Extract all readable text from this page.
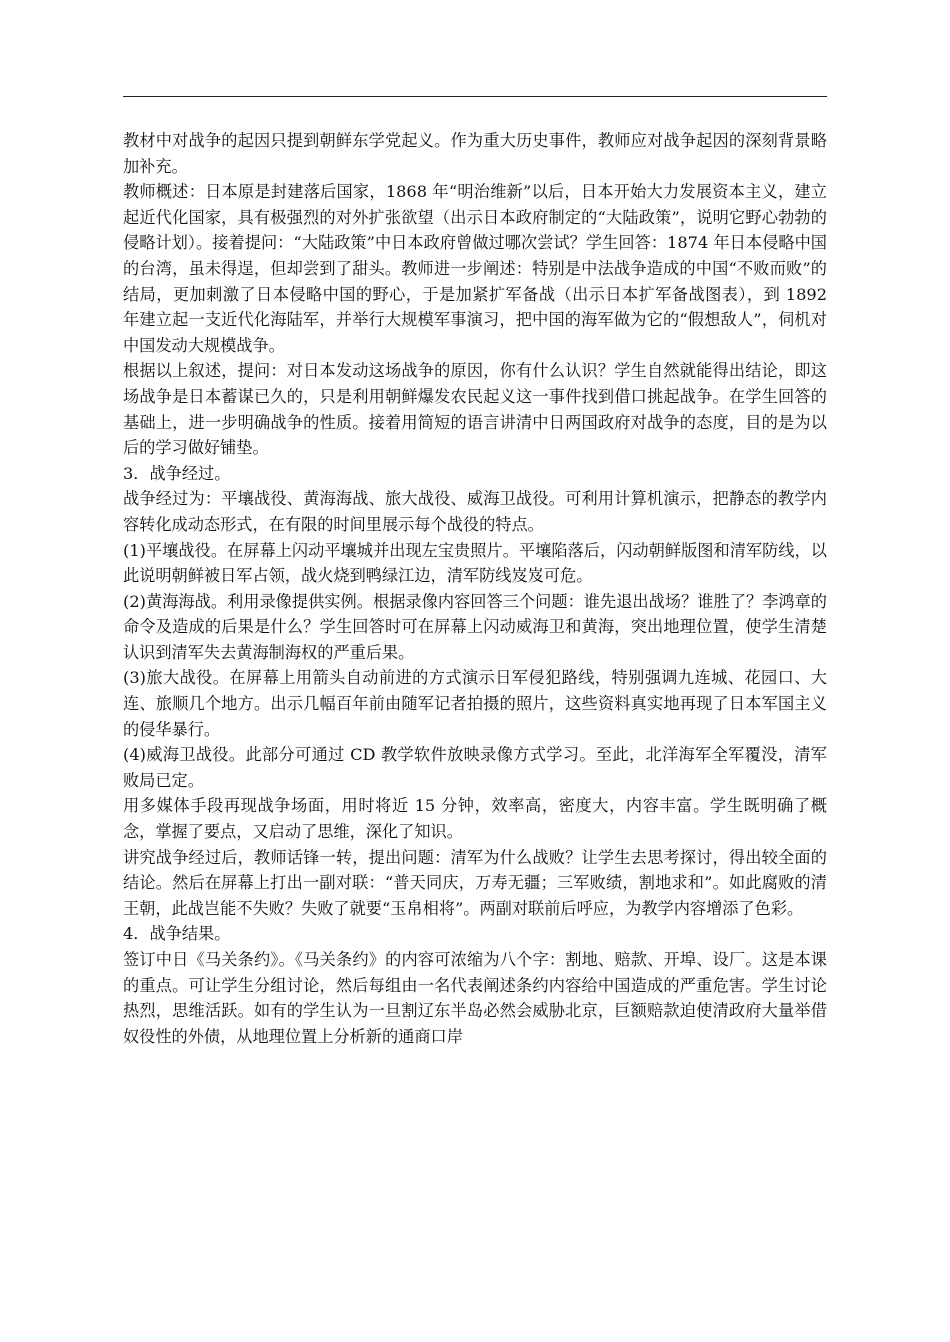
教材中对战争的起因只提到朝鲜东学党起义。作为重大历史事件，教师应对战争起因的深刻背景略加补充。

教师概述：日本原是封建落后国家，1868 年“明治维新”以后，日本开始大力发展资本主义，建立起近代化国家，具有极强烈的对外扩张欲望（出示日本政府制定的“大陆政策”，说明它野心勃勃的侵略计划）。接着提问：“大陆政策”中日本政府曾做过哪次尝试？学生回答：1874 年日本侵略中国的台湾，虽未得逞，但却尝到了甜头。教师进一步阐述：特别是中法战争造成的中国“不败而败”的结局，更加刺激了日本侵略中国的野心，于是加紧扩军备战（出示日本扩军备战图表），到 1892 年建立起一支近代化海陆军，并举行大规模军事演习，把中国的海军做为它的“假想敌人”，伺机对中国发动大规模战争。

根据以上叙述，提问：对日本发动这场战争的原因，你有什么认识？学生自然就能得出结论，即这场战争是日本蓄谋已久的，只是利用朝鲜爆发农民起义这一事件找到借口挑起战争。在学生回答的基础上，进一步明确战争的性质。接着用简短的语言讲清中日两国政府对战争的态度，目的是为以后的学习做好铺垫。

3．战争经过。

战争经过为：平壤战役、黄海海战、旅大战役、威海卫战役。可利用计算机演示，把静态的教学内容转化成动态形式，在有限的时间里展示每个战役的特点。

(1)平壤战役。在屏幕上闪动平壤城并出现左宝贵照片。平壤陷落后，闪动朝鲜版图和清军防线，以此说明朝鲜被日军占领，战火烧到鸭绿江边，清军防线岌岌可危。

(2)黄海海战。利用录像提供实例。根据录像内容回答三个问题：谁先退出战场？谁胜了？李鸿章的命令及造成的后果是什么？学生回答时可在屏幕上闪动威海卫和黄海，突出地理位置，使学生清楚认识到清军失去黄海制海权的严重后果。

(3)旅大战役。在屏幕上用箭头自动前进的方式演示日军侵犯路线，特别强调九连城、花园口、大连、旅顺几个地方。出示几幅百年前由随军记者拍摄的照片，这些资料真实地再现了日本军国主义的侵华暴行。

(4)威海卫战役。此部分可通过 CD 教学软件放映录像方式学习。至此，北洋海军全军覆没，清军败局已定。

用多媒体手段再现战争场面，用时将近 15 分钟，效率高，密度大，内容丰富。学生既明确了概念，掌握了要点，又启动了思维，深化了知识。

讲究战争经过后，教师话锋一转，提出问题：清军为什么战败？让学生去思考探讨，得出较全面的结论。然后在屏幕上打出一副对联：“普天同庆，万寿无疆；三军败绩，割地求和”。如此腐败的清王朝，此战岂能不失败？失败了就要“玉帛相将”。两副对联前后呼应，为教学内容增添了色彩。

4．战争结果。

签订中日《马关条约》。《马关条约》的内容可浓缩为八个字：割地、赔款、开埠、设厂。这是本课的重点。可让学生分组讨论，然后每组由一名代表阐述条约内容给中国造成的严重危害。学生讨论热烈，思维活跃。如有的学生认为一旦割辽东半岛必然会威胁北京，巨额赔款迫使清政府大量举借奴役性的外债，从地理位置上分析新的通商口岸
